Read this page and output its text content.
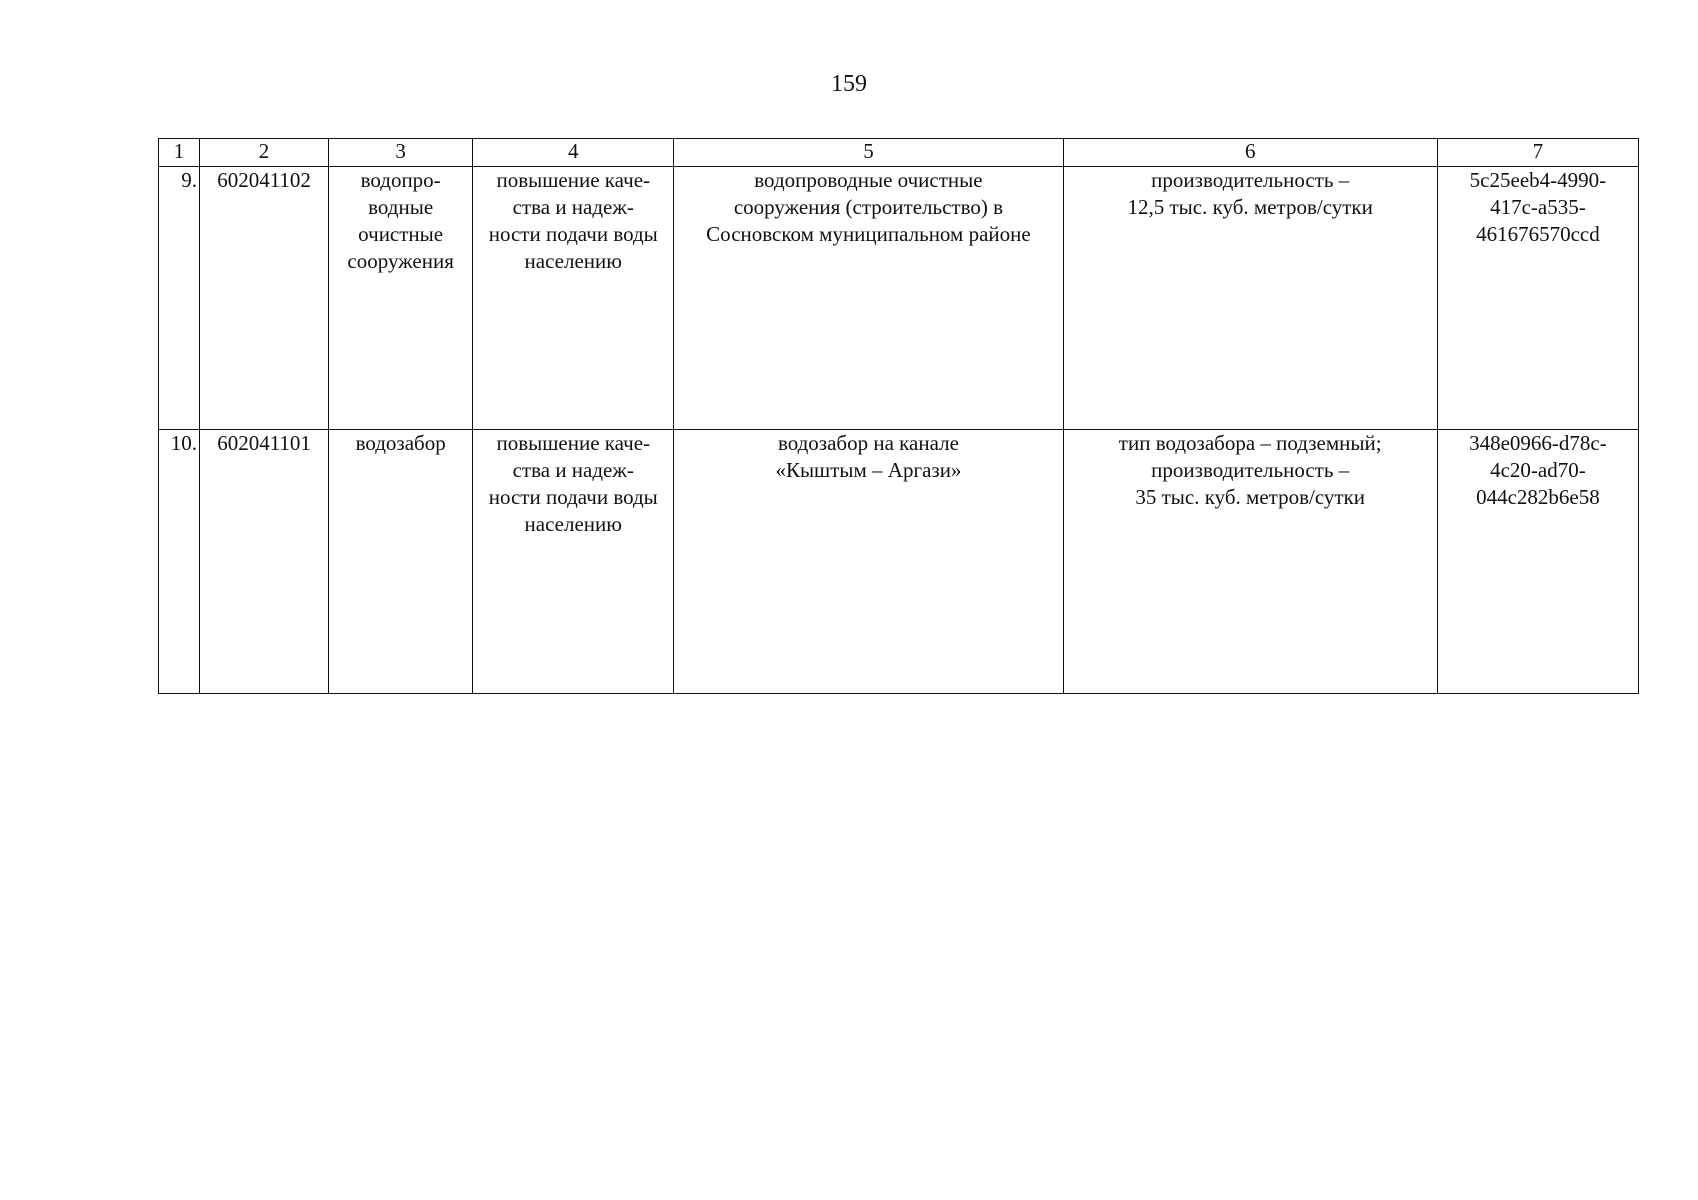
159
1	2	3	4	5	6	7

9.	602041102	водопро-
водные
очистные
сооружения	повышение каче-
ства и надеж-
ности подачи воды
населению	водопроводные очистные
сооружения (строительство) в
Сосновском муниципальном районе	производительность –
12,5 тыс. куб. метров/сутки	5c25eeb4-4990-
417c-a535-
461676570ccd

10.	602041101	водозабор	повышение каче-
ства и надеж-
ности подачи воды
населению	водозабор на канале
«Кыштым – Аргази»	тип водозабора – подземный;
производительность –
35 тыс. куб. метров/сутки	348e0966-d78c-
4c20-ad70-
044c282b6e58
